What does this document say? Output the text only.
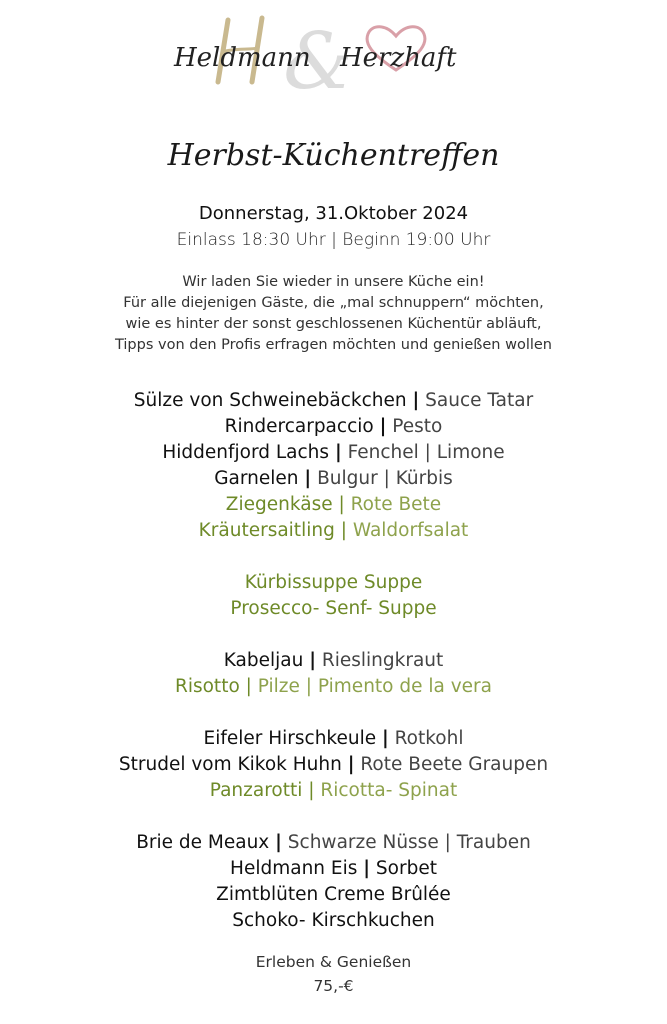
&
Heldmann Herzhaft
Herbst-Küchentreffen
Donnerstag, 31.Oktober 2024
Einlass 18:30 Uhr | Beginn 19:00 Uhr
Wir laden Sie wieder in unsere Küche ein!
Für alle diejenigen Gäste, die „mal schnuppern“ möchten,
wie es hinter der sonst geschlossenen Küchentür abläuft,
Tipps von den Profis erfragen möchten und genießen wollen
Sülze von Schweinebäckchen | Sauce Tatar
Rindercarpaccio | Pesto
Hiddenfjord Lachs | Fenchel | Limone
Garnelen | Bulgur | Kürbis
Ziegenkäse | Rote Bete
Kräutersaitling | Waldorfsalat
Kürbissuppe Suppe
Prosecco- Senf- Suppe
Kabeljau | Rieslingkraut
Risotto | Pilze | Pimento de la vera
Eifeler Hirschkeule | Rotkohl
Strudel vom Kikok Huhn | Rote Beete Graupen
Panzarotti | Ricotta- Spinat
Brie de Meaux | Schwarze Nüsse | Trauben
Heldmann Eis | Sorbet
Zimtblüten Creme Brûlée
Schoko- Kirschkuchen
Erleben & Genießen
75,-€
